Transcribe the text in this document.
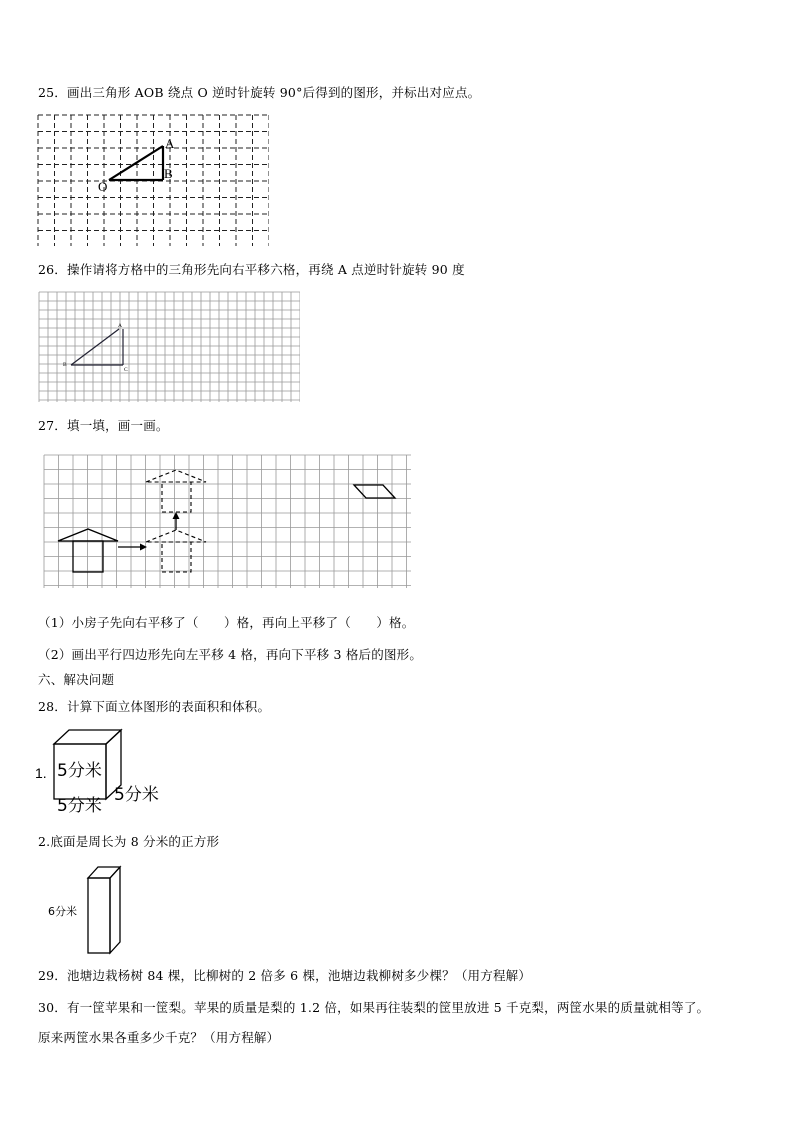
25．画出三角形 AOB 绕点 O 逆时针旋转 90°后得到的图形，并标出对应点。
A
B
O
26．操作请将方格中的三角形先向右平移六格，再绕 A 点逆时针旋转 90 度
A
B
C
27．填一填，画一画。
（1）小房子先向右平移了（　　）格，再向上平移了（　　）格。
（2）画出平行四边形先向左平移 4 格，再向下平移 3 格后的图形。
六、解决问题
28．计算下面立体图形的表面积和体积。
1. 5分米
5分米
5分米
2.底面是周长为 8 分米的正方形
6分米
29．池塘边栽杨树 84 棵，比柳树的 2 倍多 6 棵，池塘边栽柳树多少棵？（用方程解）
30．有一筐苹果和一筐梨。苹果的质量是梨的 1.2 倍，如果再往装梨的筐里放进 5 千克梨，两筐水果的质量就相等了。
原来两筐水果各重多少千克？（用方程解）
